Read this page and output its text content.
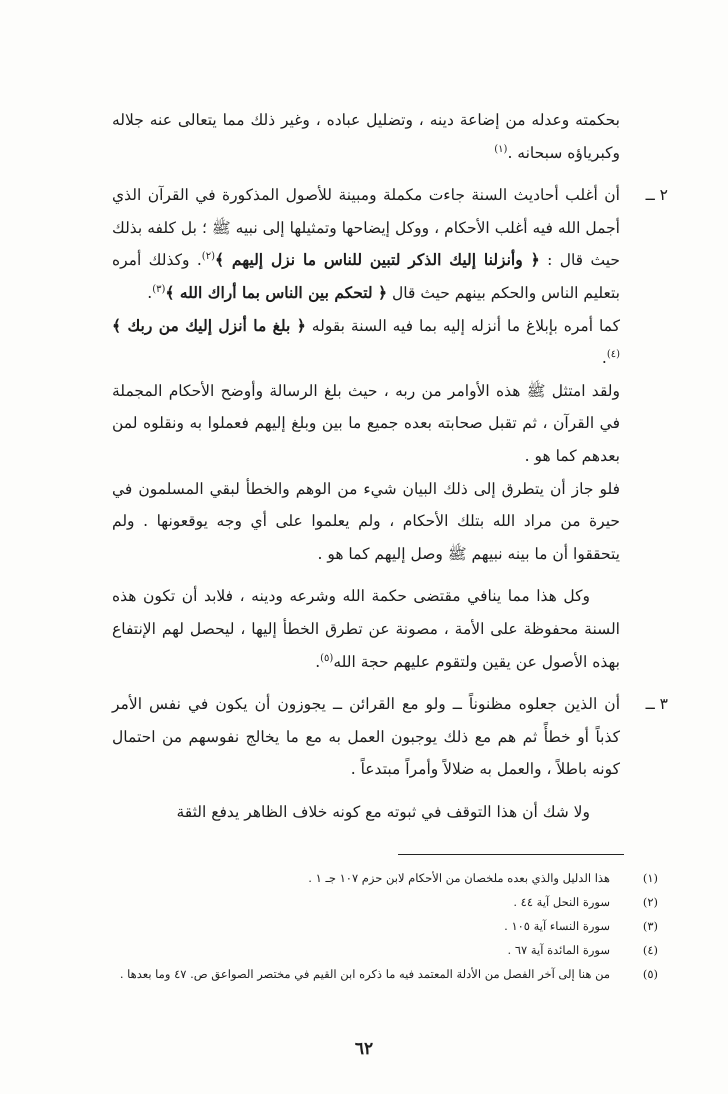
بحكمته وعدله من إضاعة دينه ، وتضليل عباده ، وغير ذلك مما يتعالى عنه جلاله وكبرياؤه سبحانه .$^{(١)}$

٢ ــ
أن أغلب أحاديث السنة جاءت مكملة ومبينة للأصول المذكورة في القرآن الذي أجمل الله فيه أغلب الأحكام ، ووكل إيضاحها وتمثيلها إلى نبيه ﷺ ؛ بل كلفه بذلك حيث قال : ﴿ وأنزلنا إليك الذكر لتبين للناس ما نزل إليهم ﴾$^{(٢)}$. وكذلك أمره بتعليم الناس والحكم بينهم حيث قال ﴿ لتحكم بين الناس بما أراك الله ﴾$^{(٣)}$.

كما أمره بإبلاغ ما أنزله إليه بما فيه السنة بقوله ﴿ بلغ ما أنزل إليك من ربك ﴾$^{(٤)}$.

ولقد امتثل ﷺ هذه الأوامر من ربه ، حيث بلغ الرسالة وأوضح الأحكام المجملة في القرآن ، ثم تقبل صحابته بعده جميع ما بين وبلغ إليهم فعملوا به ونقلوه لمن بعدهم كما هو .

فلو جاز أن يتطرق إلى ذلك البيان شيء من الوهم والخطأ لبقي المسلمون في حيرة من مراد الله بتلك الأحكام ، ولم يعلموا على أي وجه يوقعونها . ولم يتحققوا أن ما بينه نبيهم ﷺ وصل إليهم كما هو .

وكل هذا مما ينافي مقتضى حكمة الله وشرعه ودينه ، فلابد أن تكون هذه السنة محفوظة على الأمة ، مصونة عن تطرق الخطأ إليها ، ليحصل لهم الإنتفاع بهذه الأصول عن يقين ولتقوم عليهم حجة الله$^{(٥)}$.

٣ ــ
أن الذين جعلوه مظنوناً ــ ولو مع القرائن ــ يجوزون أن يكون في نفس الأمر كذباً أو خطأً ثم هم مع ذلك يوجبون العمل به مع ما يخالج نفوسهم من احتمال كونه باطلاً ، والعمل به ضلالاً وأمراً مبتدعاً .

ولا شك أن هذا التوقف في ثبوته مع كونه خلاف الظاهر يدفع الثقة

(١)
هذا الدليل والذي بعده ملخصان من الأحكام لابن حزم ١٠٧ جـ ١ .
(٢)
سورة النحل آية ٤٤ .
(٣)
سورة النساء آية ١٠٥ .
(٤)
سورة المائدة آية ٦٧ .
(٥)
من هنا إلى آخر الفصل من الأدلة المعتمد فيه ما ذكره ابن القيم في مختصر الصواعق ص. ٤٧ وما بعدها .
٦٢
